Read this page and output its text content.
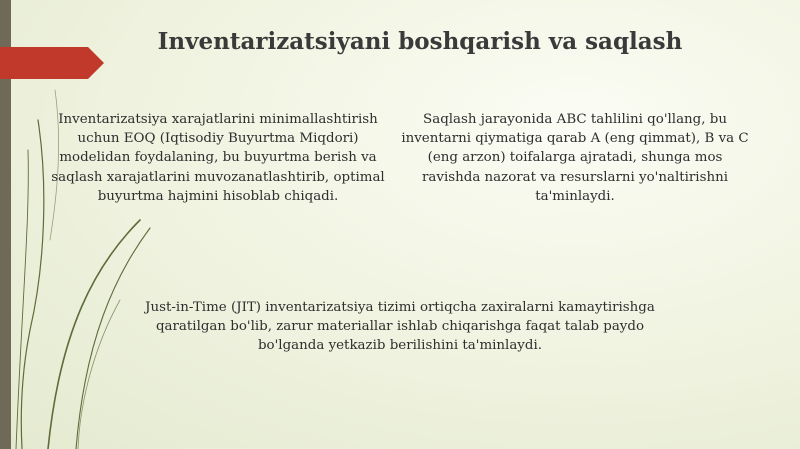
Inventarizatsiyani boshqarish va saqlash
Inventarizatsiya xarajatlarini minimallashtirish uchun EOQ (Iqtisodiy Buyurtma Miqdori) modelidan foydalaning, bu buyurtma berish va saqlash xarajatlarini muvozanatlashtirib, optimal buyurtma hajmini hisoblab chiqadi.
Saqlash jarayonida ABC tahlilini qo'llang, bu inventarni qiymatiga qarab A (eng qimmat), B va C (eng arzon) toifalarga ajratadi, shunga mos ravishda nazorat va resurslarni yo'naltirishni ta'minlaydi.
Just-in-Time (JIT) inventarizatsiya tizimi ortiqcha zaxiralarni kamaytirishga qaratilgan bo'lib, zarur materiallar ishlab chiqarishga faqat talab paydo bo'lganda yetkazib berilishini ta'minlaydi.
